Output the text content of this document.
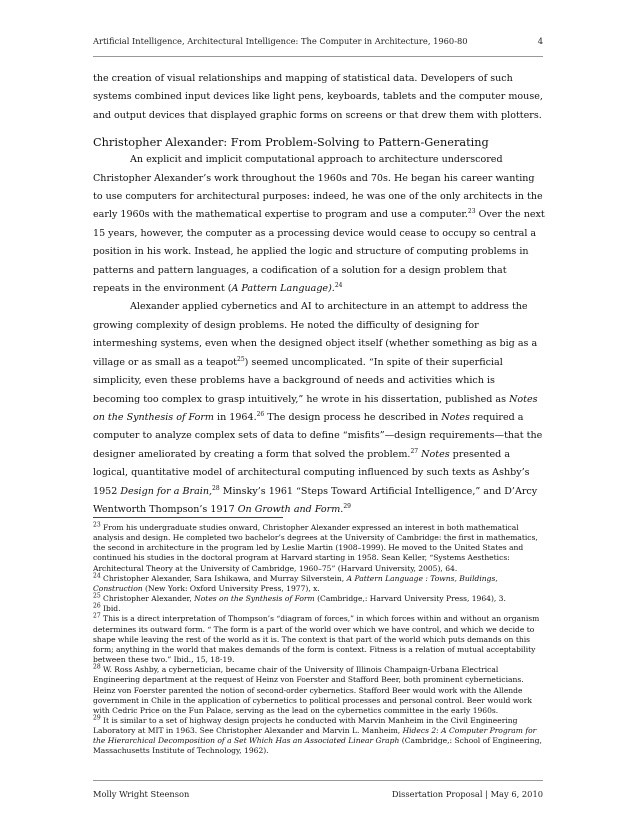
Artificial Intelligence, Architectural Intelligence: The Computer in Architecture, 1960-80	4

the creation of visual relationships and mapping of statistical data. Developers of such systems combined input devices like light pens, keyboards, tablets and the computer mouse, and output devices that displayed graphic forms on screens or that drew them with plotters.

Christopher Alexander: From Problem-Solving to Pattern-Generating

An explicit and implicit computational approach to architecture underscored Christopher Alexander’s work throughout the 1960s and 70s. He began his career wanting to use computers for architectural purposes: indeed, he was one of the only architects in the early 1960s with the mathematical expertise to program and use a computer.$^{23}$ Over the next 15 years, however, the computer as a processing device would cease to occupy so central a position in his work. Instead, he applied the logic and structure of computing problems in patterns and pattern languages, a codification of a solution for a design problem that repeats in the environment (A Pattern Language).$^{24}$

Alexander applied cybernetics and AI to architecture in an attempt to address the growing complexity of design problems. He noted the difficulty of designing for intermeshing systems, even when the designed object itself (whether something as big as a village or as small as a teapot$^{25}$) seemed uncomplicated. “In spite of their superficial simplicity, even these problems have a background of needs and activities which is becoming too complex to grasp intuitively,” he wrote in his dissertation, published as Notes on the Synthesis of Form in 1964.26 The design process he described in Notes required a computer to analyze complex sets of data to define “misfits”—design requirements—that the designer ameliorated by creating a form that solved the problem.$^{27}$ Notes presented a logical, quantitative model of architectural computing influenced by such texts as Ashby’s 1952 Design for a Brain,$^{28}$ Minsky’s 1961 “Steps Toward Artificial Intelligence,” and D’Arcy Wentworth Thompson’s 1917 On Growth and Form.$^{29}$

$^{23}$ From his undergraduate studies onward, Christopher Alexander expressed an interest in both mathematical analysis and design. He completed two bachelor’s degrees at the University of Cambridge: the first in mathematics, the second in architecture in the program led by Leslie Martin (1908–1999). He moved to the United States and continued his studies in the doctoral program at Harvard starting in 1958. Sean Keller, “Systems Aesthetics: Architectural Theory at the University of Cambridge, 1960–75” (Harvard University, 2005), 64.

$^{24}$ Christopher Alexander, Sara Ishikawa, and Murray Silverstein, A Pattern Language : Towns, Buildings, Construction (New York: Oxford University Press, 1977), x.

$^{25}$ Christopher Alexander, Notes on the Synthesis of Form (Cambridge,: Harvard University Press, 1964), 3.

$^{26}$ Ibid.

$^{27}$ This is a direct interpretation of Thompson’s “diagram of forces,” in which forces within and without an organism determines its outward form. “ The form is a part of the world over which we have control, and which we decide to shape while leaving the rest of the world as it is. The context is that part of the world which puts demands on this form; anything in the world that makes demands of the form is context. Fitness is a relation of mutual acceptability between these two.” Ibid., 15, 18-19.

$^{28}$ W. Ross Ashby, a cybernetician, became chair of the University of Illinois Champaign-Urbana Electrical Engineering department at the request of Heinz von Foerster and Stafford Beer, both prominent cyberneticians. Heinz von Foerster parented the notion of second-order cybernetics. Stafford Beer would work with the Allende government in Chile in the application of cybernetics to political processes and personal control. Beer would work with Cedric Price on the Fun Palace, serving as the lead on the cybernetics committee in the early 1960s.

$^{29}$ It is similar to a set of highway design projects he conducted with Marvin Manheim in the Civil Engineering Laboratory at MIT in 1963. See Christopher Alexander and Marvin L. Manheim, Hidecs 2: A Computer Program for the Hierarchical Decomposition of a Set Which Has an Associated Linear Graph (Cambridge,: School of Engineering, Massachusetts Institute of Technology, 1962).

Molly Wright Steenson	Dissertation Proposal | May 6, 2010
